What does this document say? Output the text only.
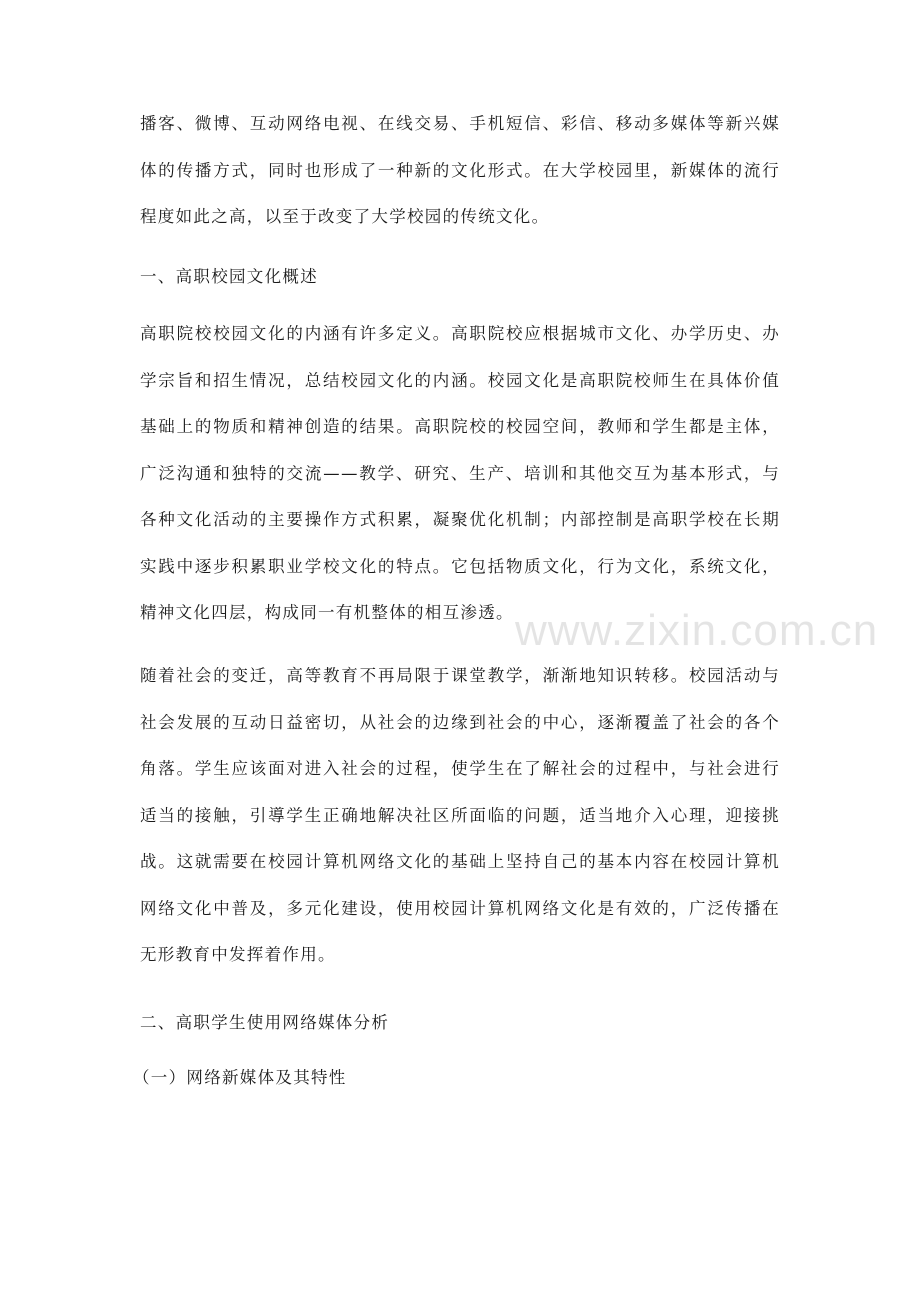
播客、微博、互动网络电视、在线交易、手机短信、彩信、移动多媒体等新兴媒体的传播方式，同时也形成了一种新的文化形式。在大学校园里，新媒体的流行程度如此之高，以至于改变了大学校园的传统文化。

一、高职校园文化概述

高职院校校园文化的内涵有许多定义。高职院校应根据城市文化、办学历史、办学宗旨和招生情况，总结校园文化的内涵。校园文化是高职院校师生在具体价值基础上的物质和精神创造的结果。高职院校的校园空间，教师和学生都是主体，广泛沟通和独特的交流——教学、研究、生产、培训和其他交互为基本形式，与各种文化活动的主要操作方式积累，凝聚优化机制；内部控制是高职学校在长期实践中逐步积累职业学校文化的特点。它包括物质文化，行为文化，系统文化，精神文化四层，构成同一有机整体的相互渗透。

随着社会的变迁，高等教育不再局限于课堂教学，渐渐地知识转移。校园活动与社会发展的互动日益密切，从社会的边缘到社会的中心，逐渐覆盖了社会的各个角落。学生应该面对进入社会的过程，使学生在了解社会的过程中，与社会进行适当的接触，引導学生正确地解决社区所面临的问题，适当地介入心理，迎接挑战。这就需要在校园计算机网络文化的基础上坚持自己的基本内容在校园计算机网络文化中普及，多元化建设，使用校园计算机网络文化是有效的，广泛传播在无形教育中发挥着作用。

二、高职学生使用网络媒体分析
（一）网络新媒体及其特性
www.zixin.com.cn
